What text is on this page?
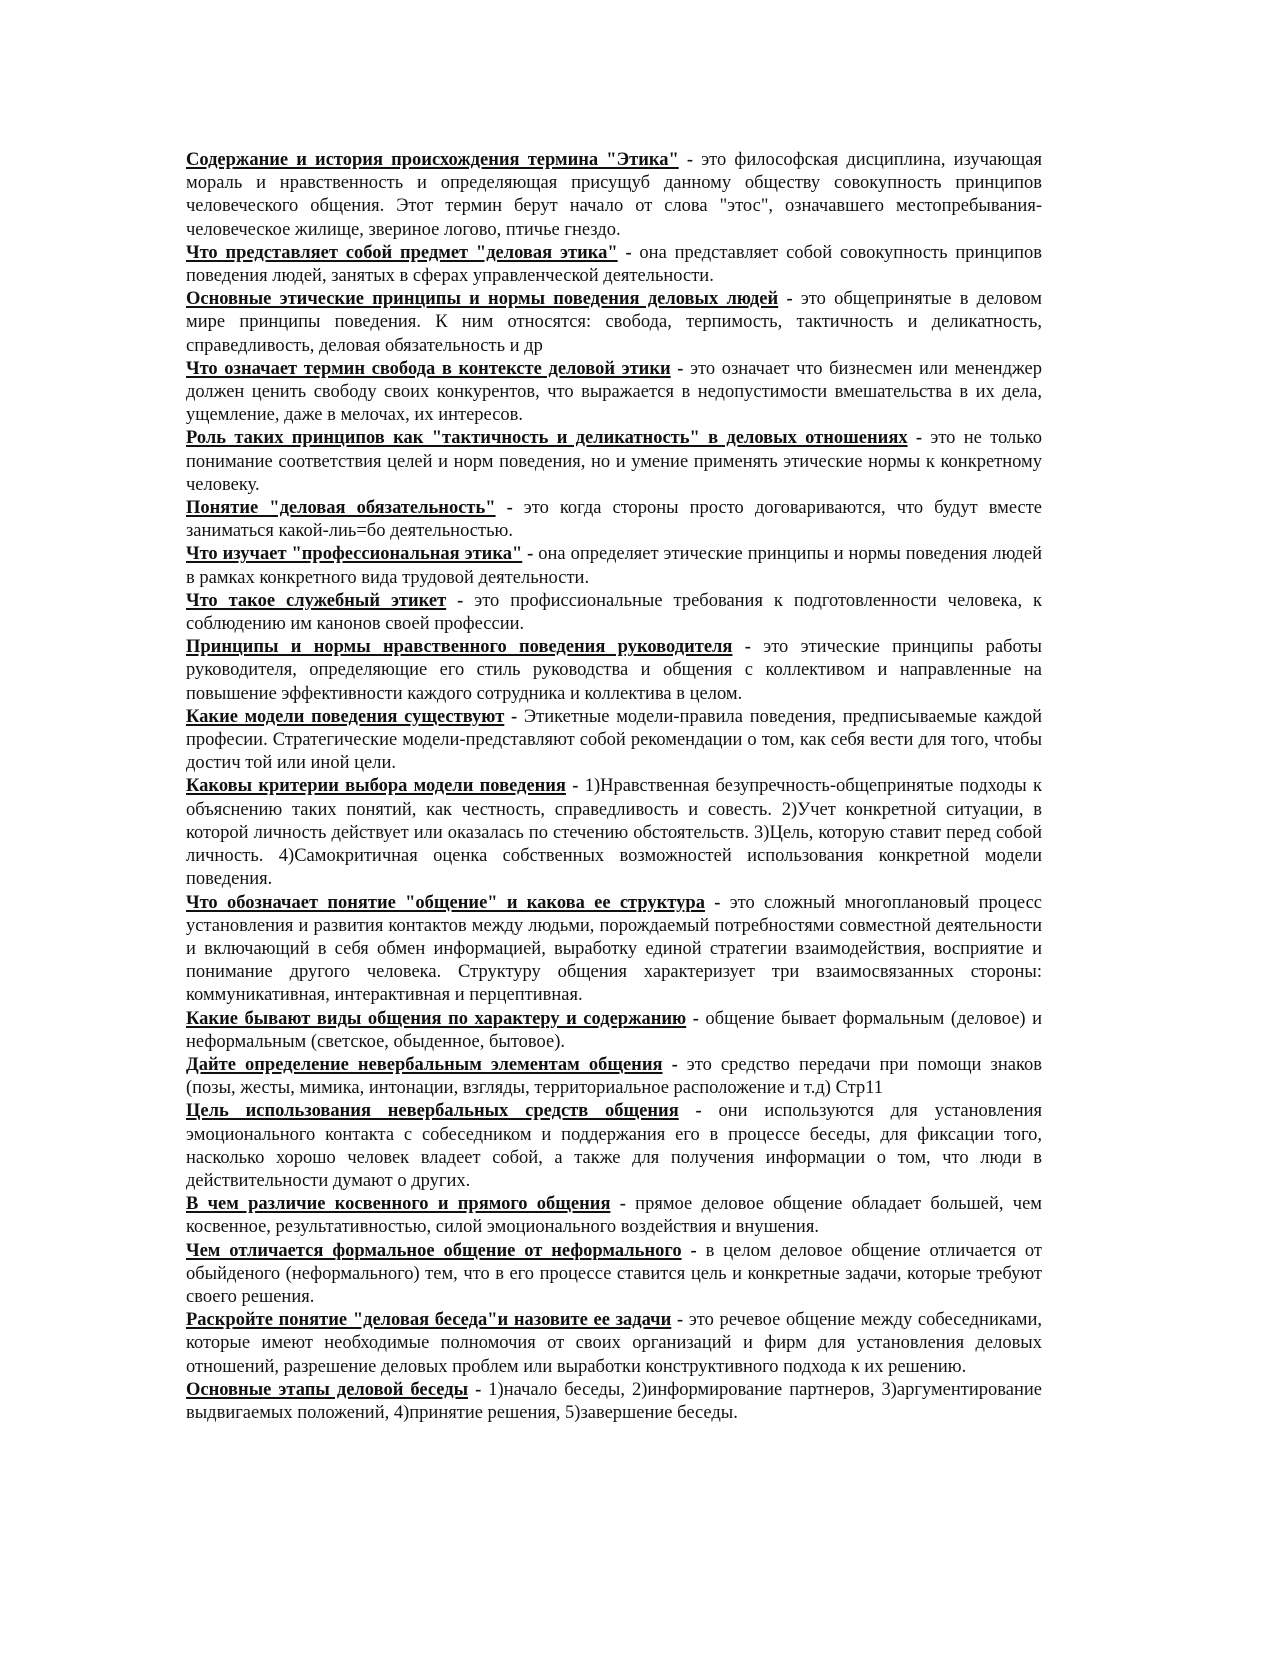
Содержание и история происхождения термина "Этика" - это философская дисциплина, изучающая мораль и нравственность и определяющая присущуб данному обществу совокупность принципов человеческого общения. Этот термин берут начало от слова "этос", означавшего местопребывания-человеческое жилище, звериное логово, птичье гнездо.

Что представляет собой предмет "деловая этика" - она представляет собой совокупность принципов поведения людей, занятых в сферах управленческой деятельности.

Основные этические принципы и нормы поведения деловых людей - это общепринятые в деловом мире принципы поведения. К ним относятся: свобода, терпимость, тактичность и деликатность, справедливость, деловая обязательность и др

Что означает термин свобода в контексте деловой этики - это означает что бизнесмен или мененджер должен ценить свободу своих конкурентов, что выражается в недопустимости вмешательства в их дела, ущемление, даже в мелочах, их интересов.

Роль таких принципов как "тактичность и деликатность" в деловых отношениях - это не только понимание соответствия целей и норм поведения, но и умение применять этические нормы к конкретному человеку.

Понятие "деловая обязательность" - это когда стороны просто договариваются, что будут вместе заниматься какой-лиь=бо деятельностью.

Что изучает "профессиональная этика" - она определяет этические принципы и нормы поведения людей в рамках конкретного вида трудовой деятельности.

Что такое служебный этикет - это профиссиональные требования к подготовленности человека, к соблюдению им канонов своей профессии.

Принципы и нормы нравственного поведения руководителя - это этические принципы работы руководителя, определяющие его стиль руководства и общения с коллективом и направленные на повышение эффективности каждого сотрудника и коллектива в целом.

Какие модели поведения существуют - Этикетные модели-правила поведения, предписываемые каждой професии. Стратегические модели-представляют собой рекомендации о том, как себя вести для того, чтобы достич той или иной цели.

Каковы критерии выбора модели поведения - 1)Нравственная безупречность-общепринятые подходы к объяснению таких понятий, как честность, справедливость и совесть. 2)Учет конкретной ситуации, в которой личность действует или оказалась по стечению обстоятельств. 3)Цель, которую ставит перед собой личность. 4)Самокритичная оценка собственных возможностей использования конкретной модели поведения.

Что обозначает понятие "общение" и какова ее структура - это сложный многоплановый процесс установления и развития контактов между людьми, порождаемый потребностями совместной деятельности и включающий в себя обмен информацией, выработку единой стратегии взаимодействия, восприятие и понимание другого человека. Структуру общения характеризует три взаимосвязанных стороны: коммуникативная, интерактивная и перцептивная.

Какие бывают виды общения по характеру и содержанию - общение бывает формальным (деловое) и неформальным (светское, обыденное, бытовое).

Дайте определение невербальным элементам общения - это средство передачи при помощи знаков (позы, жесты, мимика, интонации, взгляды, территориальное расположение и т.д) Стр11

Цель использования невербальных средств общения - они используются для установления эмоционального контакта с собеседником и поддержания его в процессе беседы, для фиксации того, насколько хорошо человек владеет собой, а также для получения информации о том, что люди в действительности думают о других.

В чем различие косвенного и прямого общения - прямое деловое общение обладает большей, чем косвенное, результативностью, силой эмоционального воздействия и внушения.

Чем отличается формальное общение от неформального - в целом деловое общение отличается от обыйденого (неформального) тем, что в его процессе ставится цель и конкретные задачи, которые требуют своего решения.

Раскройте понятие "деловая беседа"и назовите ее задачи - это речевое общение между собеседниками, которые имеют необходимые полномочия от своих организаций и фирм для установления деловых отношений, разрешение деловых проблем или выработки конструктивного подхода к их решению.

Основные этапы деловой беседы - 1)начало беседы, 2)информирование партнеров, 3)аргументирование выдвигаемых положений, 4)принятие решения, 5)завершение беседы.
